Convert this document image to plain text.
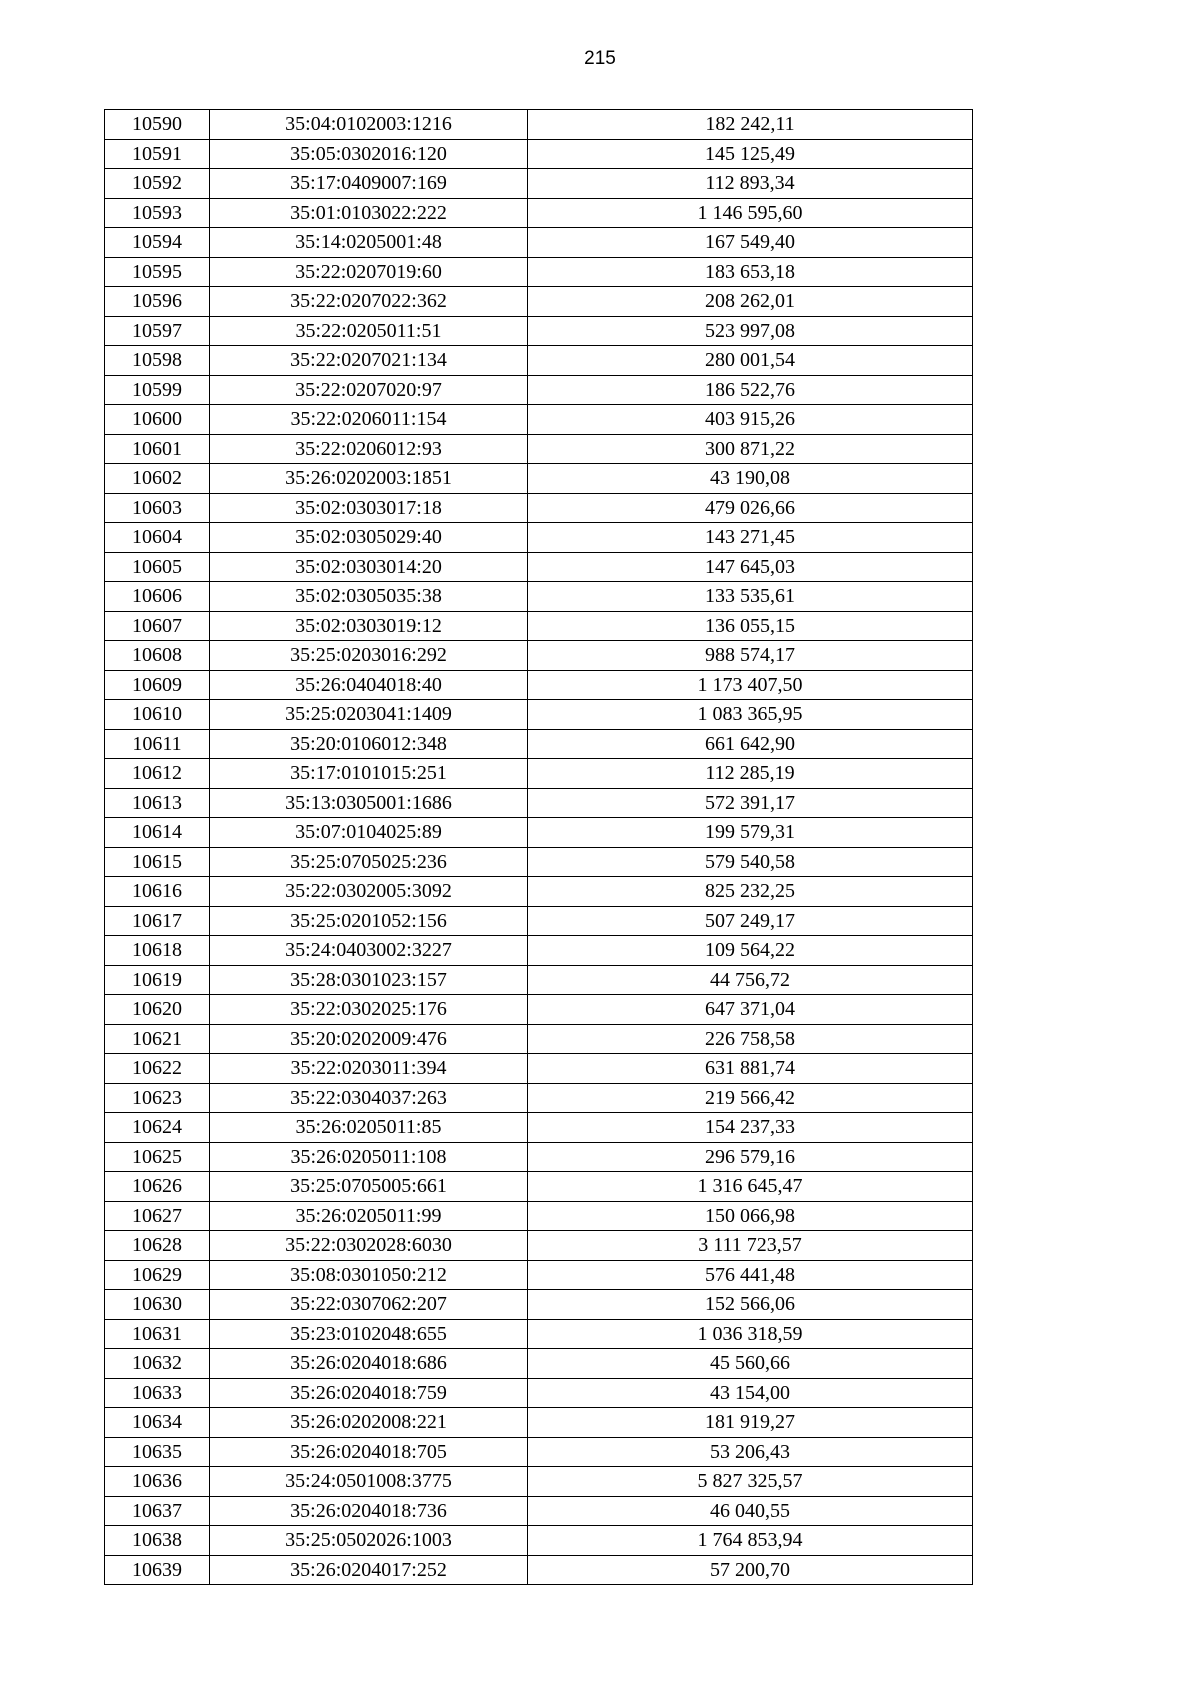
215
10590	35:04:0102003:1216	182 242,11
10591	35:05:0302016:120	145 125,49
10592	35:17:0409007:169	112 893,34
10593	35:01:0103022:222	1 146 595,60
10594	35:14:0205001:48	167 549,40
10595	35:22:0207019:60	183 653,18
10596	35:22:0207022:362	208 262,01
10597	35:22:0205011:51	523 997,08
10598	35:22:0207021:134	280 001,54
10599	35:22:0207020:97	186 522,76
10600	35:22:0206011:154	403 915,26
10601	35:22:0206012:93	300 871,22
10602	35:26:0202003:1851	43 190,08
10603	35:02:0303017:18	479 026,66
10604	35:02:0305029:40	143 271,45
10605	35:02:0303014:20	147 645,03
10606	35:02:0305035:38	133 535,61
10607	35:02:0303019:12	136 055,15
10608	35:25:0203016:292	988 574,17
10609	35:26:0404018:40	1 173 407,50
10610	35:25:0203041:1409	1 083 365,95
10611	35:20:0106012:348	661 642,90
10612	35:17:0101015:251	112 285,19
10613	35:13:0305001:1686	572 391,17
10614	35:07:0104025:89	199 579,31
10615	35:25:0705025:236	579 540,58
10616	35:22:0302005:3092	825 232,25
10617	35:25:0201052:156	507 249,17
10618	35:24:0403002:3227	109 564,22
10619	35:28:0301023:157	44 756,72
10620	35:22:0302025:176	647 371,04
10621	35:20:0202009:476	226 758,58
10622	35:22:0203011:394	631 881,74
10623	35:22:0304037:263	219 566,42
10624	35:26:0205011:85	154 237,33
10625	35:26:0205011:108	296 579,16
10626	35:25:0705005:661	1 316 645,47
10627	35:26:0205011:99	150 066,98
10628	35:22:0302028:6030	3 111 723,57
10629	35:08:0301050:212	576 441,48
10630	35:22:0307062:207	152 566,06
10631	35:23:0102048:655	1 036 318,59
10632	35:26:0204018:686	45 560,66
10633	35:26:0204018:759	43 154,00
10634	35:26:0202008:221	181 919,27
10635	35:26:0204018:705	53 206,43
10636	35:24:0501008:3775	5 827 325,57
10637	35:26:0204018:736	46 040,55
10638	35:25:0502026:1003	1 764 853,94
10639	35:26:0204017:252	57 200,70
